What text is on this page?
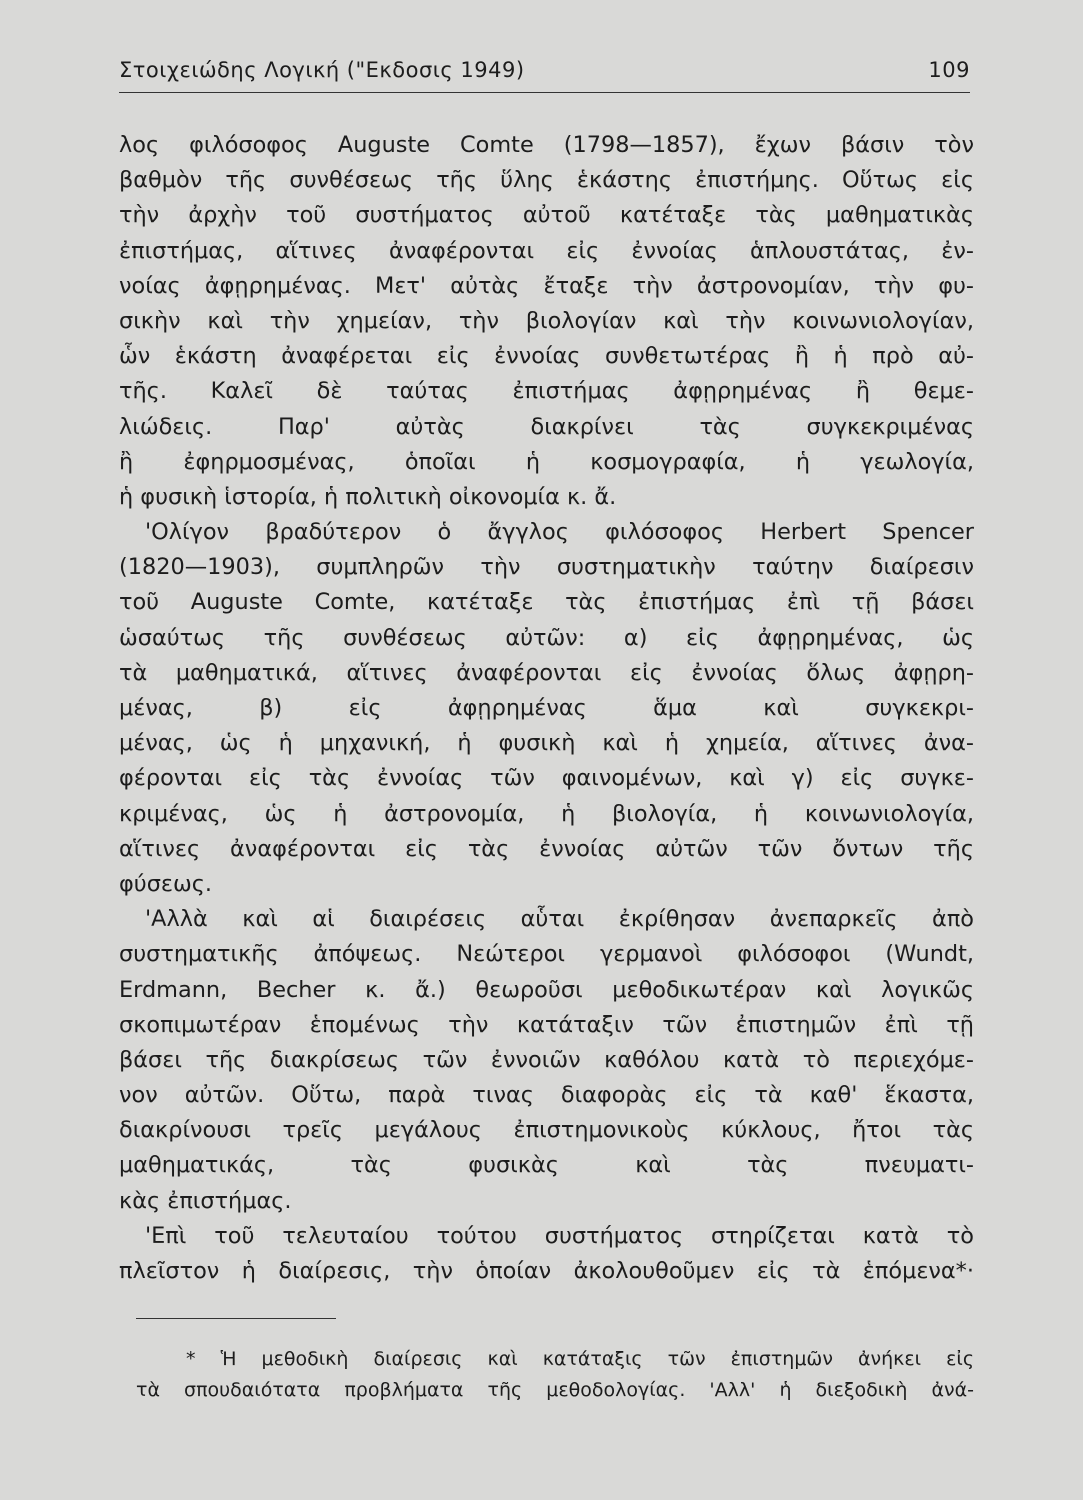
Στοιχειώδης Λογική ("Εκδοσις 1949)	109
λος φιλόσοφος Auguste Comte (1798—1857), ἔχων βάσιν τὸν
βαθμὸν τῆς συνθέσεως τῆς ὕλης ἑκάστης ἐπιστήμης. Οὕτως εἰς
τὴν ἀρχὴν τοῦ συστήματος αὐτοῦ κατέταξε τὰς μαθηματικὰς
ἐπιστήμας, αἵτινες ἀναφέρονται εἰς ἐννοίας ἁπλουστάτας, ἐν-
νοίας ἀφῃρημένας. Μετ' αὐτὰς ἔταξε τὴν ἀστρονομίαν, τὴν φυ-
σικὴν καὶ τὴν χημείαν, τὴν βιολογίαν καὶ τὴν κοινωνιολογίαν,
ὧν ἑκάστη ἀναφέρεται εἰς ἐννοίας συνθετωτέρας ἢ ἡ πρὸ αὐ-
τῆς. Καλεῖ δὲ ταύτας ἐπιστήμας ἀφῃρημένας ἢ θεμε-
λιώδεις. Παρ' αὐτὰς διακρίνει τὰς συγκεκριμένας
ἢ ἐφηρμοσμένας, ὁποῖαι ἡ κοσμογραφία, ἡ γεωλογία,
ἡ φυσικὴ ἱστορία, ἡ πολιτικὴ οἰκονομία κ. ἄ.
'Ολίγον βραδύτερον ὁ ἄγγλος φιλόσοφος Herbert Spencer
(1820—1903), συμπληρῶν τὴν συστηματικὴν ταύτην διαίρεσιν
τοῦ Auguste Comte, κατέταξε τὰς ἐπιστήμας ἐπὶ τῇ βάσει
ὡσαύτως τῆς συνθέσεως αὐτῶν: α) εἰς ἀφῃρημένας, ὡς
τὰ μαθηματικά, αἵτινες ἀναφέρονται εἰς ἐννοίας ὅλως ἀφῃρη-
μένας, β) εἰς ἀφῃρημένας ἅμα καὶ συγκεκρι-
μένας, ὡς ἡ μηχανική, ἡ φυσικὴ καὶ ἡ χημεία, αἵτινες ἀνα-
φέρονται εἰς τὰς ἐννοίας τῶν φαινομένων, καὶ γ) εἰς συγκε-
κριμένας, ὡς ἡ ἀστρονομία, ἡ βιολογία, ἡ κοινωνιολογία,
αἵτινες ἀναφέρονται εἰς τὰς ἐννοίας αὐτῶν τῶν ὄντων τῆς
φύσεως.
'Αλλὰ καὶ αἱ διαιρέσεις αὗται ἐκρίθησαν ἀνεπαρκεῖς ἀπὸ
συστηματικῆς ἀπόψεως. Νεώτεροι γερμανοὶ φιλόσοφοι (Wundt,
Erdmann, Becher κ. ἄ.) θεωροῦσι μεθοδικωτέραν καὶ λογικῶς
σκοπιμωτέραν ἑπομένως τὴν κατάταξιν τῶν ἐπιστημῶν ἐπὶ τῇ
βάσει τῆς διακρίσεως τῶν ἐννοιῶν καθόλου κατὰ τὸ περιεχόμε-
νον αὐτῶν. Οὕτω, παρὰ τινας διαφορὰς εἰς τὰ καθ' ἕκαστα,
διακρίνουσι τρεῖς μεγάλους ἐπιστημονικοὺς κύκλους, ἤτοι τὰς
μαθηματικάς, τὰς φυσικὰς καὶ τὰς πνευματι-
κὰς ἐπιστήμας.
'Επὶ τοῦ τελευταίου τούτου συστήματος στηρίζεται κατὰ τὸ
πλεῖστον ἡ διαίρεσις, τὴν ὁποίαν ἀκολουθοῦμεν εἰς τὰ ἑπόμενα*·
* Ἡ μεθοδικὴ διαίρεσις καὶ κατάταξις τῶν ἐπιστημῶν ἀνήκει εἰς
τὰ σπουδαιότατα προβλήματα τῆς μεθοδολογίας. 'Αλλ' ἡ διεξοδικὴ ἀνά-
